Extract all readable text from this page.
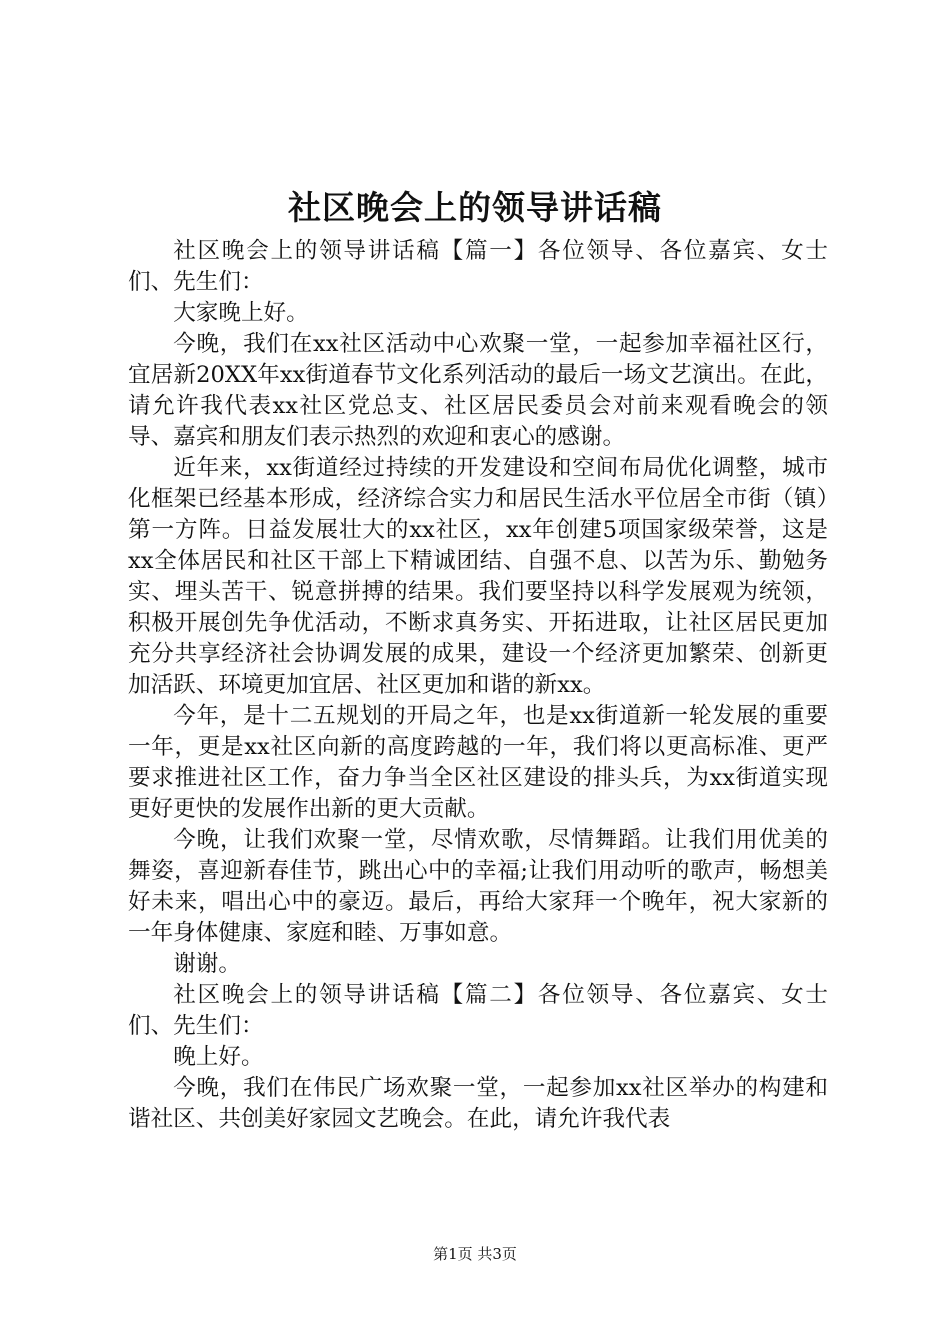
社区晚会上的领导讲话稿

社区晚会上的领导讲话稿【篇一】各位领导、各位嘉宾、女士们、先生们：

大家晚上好。

今晚，我们在xx社区活动中心欢聚一堂，一起参加幸福社区行，宜居新20XX年xx街道春节文化系列活动的最后一场文艺演出。在此，请允许我代表xx社区党总支、社区居民委员会对前来观看晚会的领导、嘉宾和朋友们表示热烈的欢迎和衷心的感谢。

近年来，xx街道经过持续的开发建设和空间布局优化调整，城市化框架已经基本形成，经济综合实力和居民生活水平位居全市街（镇）第一方阵。日益发展壮大的xx社区，xx年创建5项国家级荣誉，这是xx全体居民和社区干部上下精诚团结、自强不息、以苦为乐、勤勉务实、埋头苦干、锐意拼搏的结果。我们要坚持以科学发展观为统领，积极开展创先争优活动，不断求真务实、开拓进取，让社区居民更加充分共享经济社会协调发展的成果，建设一个经济更加繁荣、创新更加活跃、环境更加宜居、社区更加和谐的新xx。

今年，是十二五规划的开局之年，也是xx街道新一轮发展的重要一年，更是xx社区向新的高度跨越的一年，我们将以更高标准、更严要求推进社区工作，奋力争当全区社区建设的排头兵，为xx街道实现更好更快的发展作出新的更大贡献。

今晚，让我们欢聚一堂，尽情欢歌，尽情舞蹈。让我们用优美的舞姿，喜迎新春佳节，跳出心中的幸福;让我们用动听的歌声，畅想美好未来，唱出心中的豪迈。最后，再给大家拜一个晚年，祝大家新的一年身体健康、家庭和睦、万事如意。

谢谢。

社区晚会上的领导讲话稿【篇二】各位领导、各位嘉宾、女士们、先生们：

晚上好。

今晚，我们在伟民广场欢聚一堂，一起参加xx社区举办的构建和谐社区、共创美好家园文艺晚会。在此，请允许我代表

第1页 共3页
